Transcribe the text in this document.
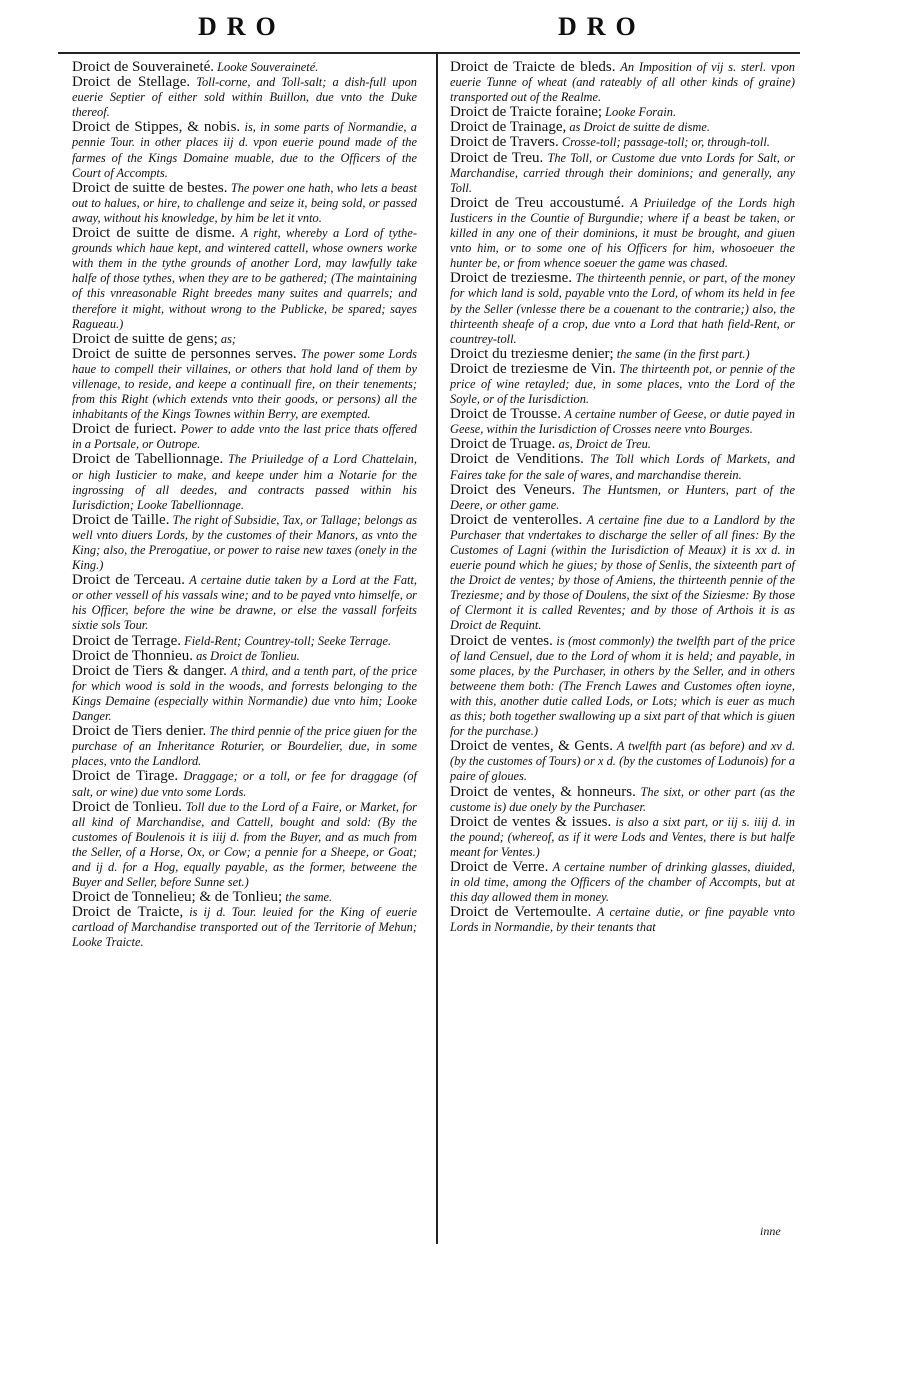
DRO	DRO

Droict de Souveraineté. Looke Souveraineté.

Droict de Stellage. Toll-corne, and Toll-salt; a dish-full upon euerie Septier of either sold within Buillon, due vnto the Duke thereof.

Droict de Stippes, & nobis. is, in some parts of Normandie, a pennie Tour. in other places iij d. vpon euerie pound made of the farmes of the Kings Domaine muable, due to the Officers of the Court of Accompts.

Droict de suitte de bestes. The power one hath, who lets a beast out to halues, or hire, to challenge and seize it, being sold, or passed away, without his knowledge, by him be let it vnto.

Droict de suitte de disme. A right, whereby a Lord of tythe-grounds which haue kept, and wintered cattell, whose owners worke with them in the tythe grounds of another Lord, may lawfully take halfe of those tythes, when they are to be gathered; (The maintaining of this vnreasonable Right breedes many suites and quarrels; and therefore it might, without wrong to the Publicke, be spared; sayes Ragueau.)

Droict de suitte de gens; as;

Droict de suitte de personnes serves. The power some Lords haue to compell their villaines, or others that hold land of them by villenage, to reside, and keepe a continuall fire, on their tenements; from this Right (which extends vnto their goods, or persons) all the inhabitants of the Kings Townes within Berry, are exempted.

Droict de furiect. Power to adde vnto the last price thats offered in a Portsale, or Outrope.

Droict de Tabellionnage. The Priuiledge of a Lord Chattelain, or high Iusticier to make, and keepe under him a Notarie for the ingrossing of all deedes, and contracts passed within his Iurisdiction; Looke Tabellionnage.

Droict de Taille. The right of Subsidie, Tax, or Tallage; belongs as well vnto diuers Lords, by the customes of their Manors, as vnto the King; also, the Prerogatiue, or power to raise new taxes (onely in the King.)

Droict de Terceau. A certaine dutie taken by a Lord at the Fatt, or other vessell of his vassals wine; and to be payed vnto himselfe, or his Officer, before the wine be drawne, or else the vassall forfeits sixtie sols Tour.

Droict de Terrage. Field-Rent; Countrey-toll; Seeke Terrage.

Droict de Thonnieu. as Droict de Tonlieu.

Droict de Tiers & danger. A third, and a tenth part, of the price for which wood is sold in the woods, and forrests belonging to the Kings Demaine (especially within Normandie) due vnto him; Looke Danger.

Droict de Tiers denier. The third pennie of the price giuen for the purchase of an Inheritance Roturier, or Bourdelier, due, in some places, vnto the Landlord.

Droict de Tirage. Draggage; or a toll, or fee for draggage (of salt, or wine) due vnto some Lords.

Droict de Tonlieu. Toll due to the Lord of a Faire, or Market, for all kind of Marchandise, and Cattell, bought and sold: (By the customes of Boulenois it is iiij d. from the Buyer, and as much from the Seller, of a Horse, Ox, or Cow; a pennie for a Sheepe, or Goat; and ij d. for a Hog, equally payable, as the former, betweene the Buyer and Seller, before Sunne set.)

Droict de Tonnelieu; & de Tonlieu; the same.

Droict de Traicte, is ij d. Tour. leuied for the King of euerie cartload of Marchandise transported out of the Territorie of Mehun; Looke Traicte.

Droict de Traicte de bleds. An Imposition of vij s. sterl. vpon euerie Tunne of wheat (and rateably of all other kinds of graine) transported out of the Realme.

Droict de Traicte foraine; Looke Forain.

Droict de Trainage, as Droict de suitte de disme.

Droict de Travers. Crosse-toll; passage-toll; or, through-toll.

Droict de Treu. The Toll, or Custome due vnto Lords for Salt, or Marchandise, carried through their dominions; and generally, any Toll.

Droict de Treu accoustumé. A Priuiledge of the Lords high Iusticers in the Countie of Burgundie; where if a beast be taken, or killed in any one of their dominions, it must be brought, and giuen vnto him, or to some one of his Officers for him, whosoeuer the hunter be, or from whence soeuer the game was chased.

Droict de treziesme. The thirteenth pennie, or part, of the money for which land is sold, payable vnto the Lord, of whom its held in fee by the Seller (vnlesse there be a couenant to the contrarie;) also, the thirteenth sheafe of a crop, due vnto a Lord that hath field-Rent, or countrey-toll.

Droict du treziesme denier; the same (in the first part.)

Droict de treziesme de Vin. The thirteenth pot, or pennie of the price of wine retayled; due, in some places, vnto the Lord of the Soyle, or of the Iurisdiction.

Droict de Trousse. A certaine number of Geese, or dutie payed in Geese, within the Iurisdiction of Crosses neere vnto Bourges.

Droict de Truage. as, Droict de Treu.

Droict de Venditions. The Toll which Lords of Markets, and Faires take for the sale of wares, and marchandise therein.

Droict des Veneurs. The Huntsmen, or Hunters, part of the Deere, or other game.

Droict de venterolles. A certaine fine due to a Landlord by the Purchaser that vndertakes to discharge the seller of all fines: By the Customes of Lagni (within the Iurisdiction of Meaux) it is xx d. in euerie pound which he giues; by those of Senlis, the sixteenth part of the Droict de ventes; by those of Amiens, the thirteenth pennie of the Treziesme; and by those of Doulens, the sixt of the Siziesme: By those of Clermont it is called Reventes; and by those of Arthois it is as Droict de Requint.

Droict de ventes. is (most commonly) the twelfth part of the price of land Censuel, due to the Lord of whom it is held; and payable, in some places, by the Purchaser, in others by the Seller, and in others betweene them both: (The French Lawes and Customes often ioyne, with this, another dutie called Lods, or Lots; which is euer as much as this; both together swallowing up a sixt part of that which is giuen for the purchase.)

Droict de ventes, & Gents. A twelfth part (as before) and xv d. (by the customes of Tours) or x d. (by the customes of Lodunois) for a paire of gloues.

Droict de ventes, & honneurs. The sixt, or other part (as the custome is) due onely by the Purchaser.

Droict de ventes & issues. is also a sixt part, or iij s. iiij d. in the pound; (whereof, as if it were Lods and Ventes, there is but halfe meant for Ventes.)

Droict de Verre. A certaine number of drinking glasses, diuided, in old time, among the Officers of the chamber of Accompts, but at this day allowed them in money.

Droict de Vertemoulte. A certaine dutie, or fine payable vnto Lords in Normandie, by their tenants that

inne
